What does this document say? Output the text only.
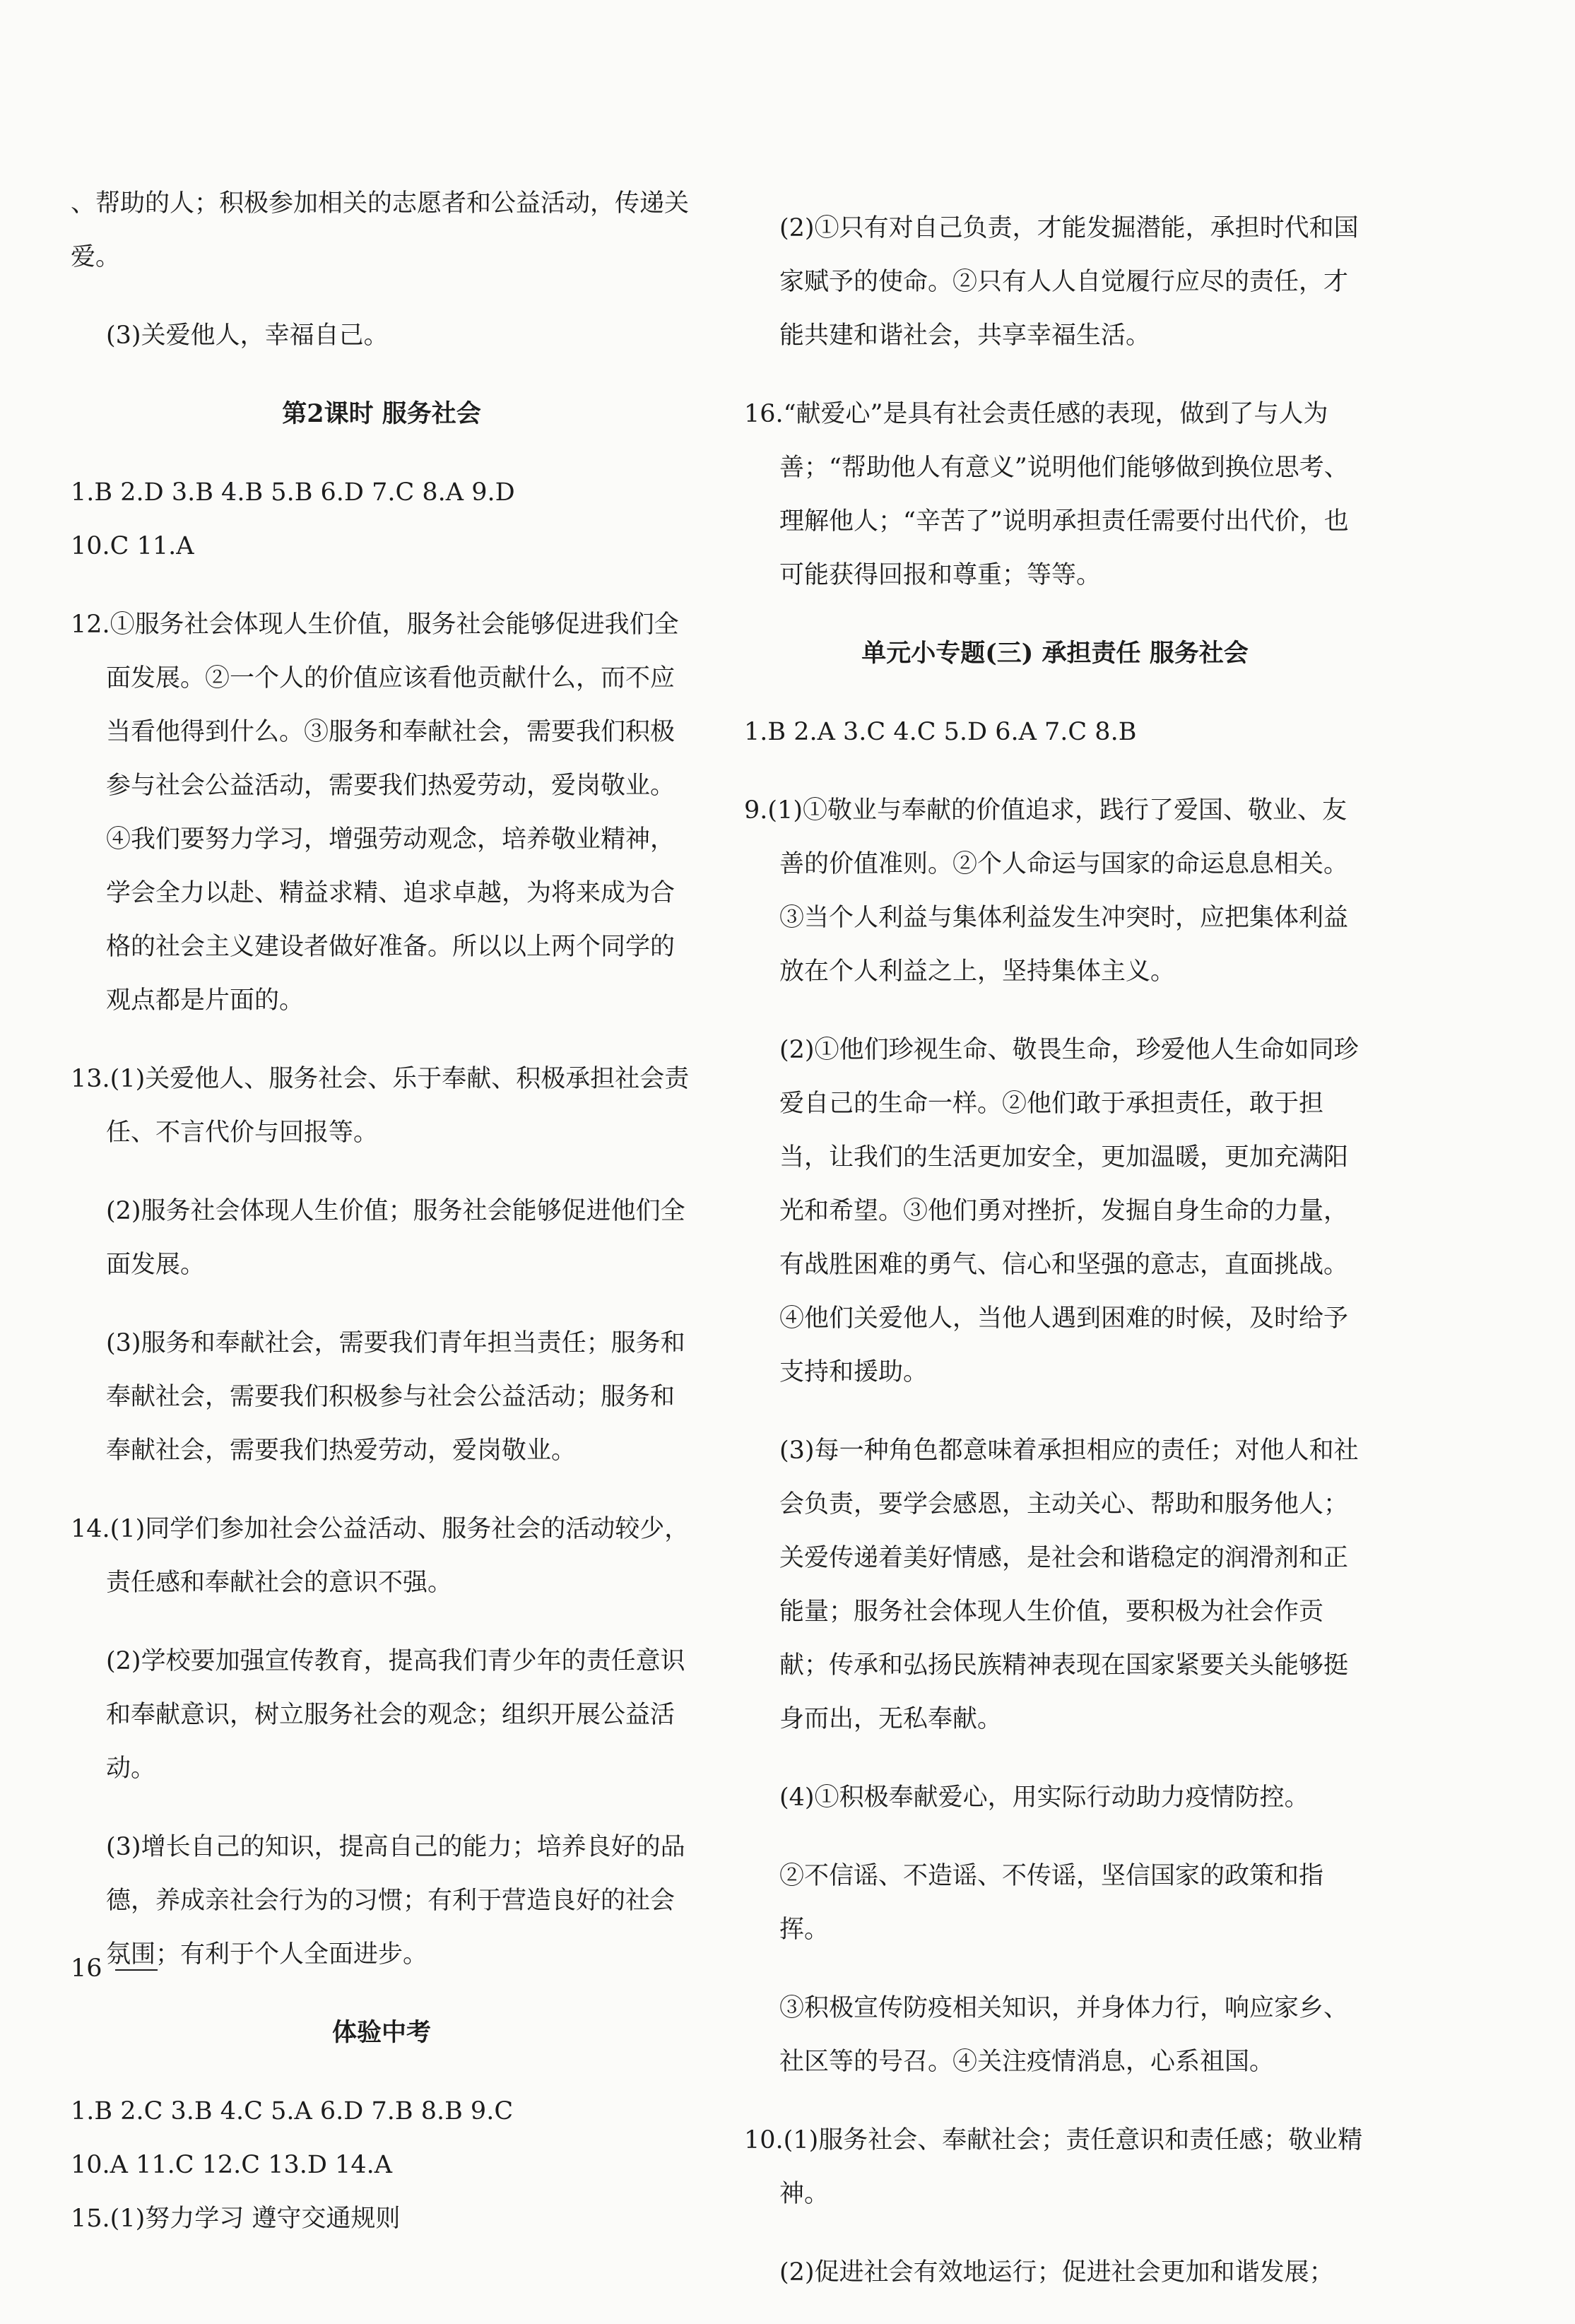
、帮助的人；积极参加相关的志愿者和公益活动，传递关爱。

(3)关爱他人，幸福自己。

第2课时 服务社会

1.B 2.D 3.B 4.B 5.B 6.D 7.C 8.A 9.D

10.C 11.A

12.①服务社会体现人生价值，服务社会能够促进我们全面发展。②一个人的价值应该看他贡献什么，而不应当看他得到什么。③服务和奉献社会，需要我们积极参与社会公益活动，需要我们热爱劳动，爱岗敬业。④我们要努力学习，增强劳动观念，培养敬业精神，学会全力以赴、精益求精、追求卓越，为将来成为合格的社会主义建设者做好准备。所以以上两个同学的观点都是片面的。

13.(1)关爱他人、服务社会、乐于奉献、积极承担社会责任、不言代价与回报等。

(2)服务社会体现人生价值；服务社会能够促进他们全面发展。

(3)服务和奉献社会，需要我们青年担当责任；服务和奉献社会，需要我们积极参与社会公益活动；服务和奉献社会，需要我们热爱劳动，爱岗敬业。

14.(1)同学们参加社会公益活动、服务社会的活动较少，责任感和奉献社会的意识不强。

(2)学校要加强宣传教育，提高我们青少年的责任意识和奉献意识，树立服务社会的观念；组织开展公益活动。

(3)增长自己的知识，提高自己的能力；培养良好的品德，养成亲社会行为的习惯；有利于营造良好的社会氛围；有利于个人全面进步。

体验中考

1.B 2.C 3.B 4.C 5.A 6.D 7.B 8.B 9.C

10.A 11.C 12.C 13.D 14.A

15.(1)努力学习 遵守交通规则

(2)①只有对自己负责，才能发掘潜能，承担时代和国家赋予的使命。②只有人人自觉履行应尽的责任，才能共建和谐社会，共享幸福生活。

16.“献爱心”是具有社会责任感的表现，做到了与人为善；“帮助他人有意义”说明他们能够做到换位思考、理解他人；“辛苦了”说明承担责任需要付出代价，也可能获得回报和尊重；等等。

单元小专题(三) 承担责任 服务社会

1.B 2.A 3.C 4.C 5.D 6.A 7.C 8.B

9.(1)①敬业与奉献的价值追求，践行了爱国、敬业、友善的价值准则。②个人命运与国家的命运息息相关。③当个人利益与集体利益发生冲突时，应把集体利益放在个人利益之上，坚持集体主义。

(2)①他们珍视生命、敬畏生命，珍爱他人生命如同珍爱自己的生命一样。②他们敢于承担责任，敢于担当，让我们的生活更加安全，更加温暖，更加充满阳光和希望。③他们勇对挫折，发掘自身生命的力量，有战胜困难的勇气、信心和坚强的意志，直面挑战。④他们关爱他人，当他人遇到困难的时候，及时给予支持和援助。

(3)每一种角色都意味着承担相应的责任；对他人和社会负责，要学会感恩，主动关心、帮助和服务他人；关爱传递着美好情感，是社会和谐稳定的润滑剂和正能量；服务社会体现人生价值，要积极为社会作贡献；传承和弘扬民族精神表现在国家紧要关头能够挺身而出，无私奉献。

(4)①积极奉献爱心，用实际行动助力疫情防控。

②不信谣、不造谣、不传谣，坚信国家的政策和指挥。

③积极宣传防疫相关知识，并身体力行，响应家乡、社区等的号召。④关注疫情消息，心系祖国。

10.(1)服务社会、奉献社会；责任意识和责任感；敬业精神。

(2)促进社会有效地运行；促进社会更加和谐发展；

16
